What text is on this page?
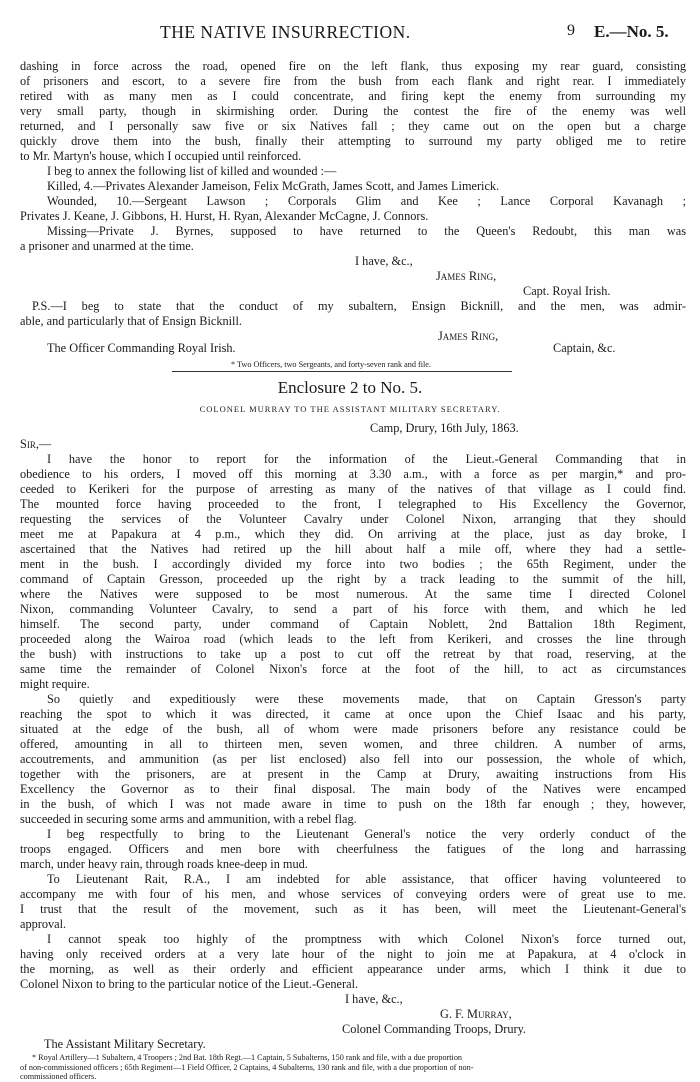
THE NATIVE INSURRECTION.	9 E.—No. 5.
dashing in force across the road, opened fire on the left flank, thus exposing my rear guard, consisting
of prisoners and escort, to a severe fire from the bush from each flank and right rear. I immediately
retired with as many men as I could concentrate, and firing kept the enemy from surrounding my
very small party, though in skirmishing order. During the contest the fire of the enemy was well
returned, and I personally saw five or six Natives fall ; they came out on the open but a charge
quickly drove them into the bush, finally their attempting to surround my party obliged me to retire
to Mr. Martyn's house, which I occupied until reinforced.
I beg to annex the following list of killed and wounded :—
Killed, 4.—Privates Alexander Jameison, Felix McGrath, James Scott, and James Limerick.
Wounded, 10.—Sergeant Lawson ; Corporals Glim and Kee ; Lance Corporal Kavanagh ;
Privates J. Keane, J. Gibbons, H. Hurst, H. Ryan, Alexander McCagne, J. Connors.
Missing—Private J. Byrnes, supposed to have returned to the Queen's Redoubt, this man was
a prisoner and unarmed at the time.
I have, &c.,
James Ring,
Capt. Royal Irish.
P.S.—I beg to state that the conduct of my subaltern, Ensign Bicknill, and the men, was admir-
able, and particularly that of Ensign Bicknill.
James Ring,
The Officer Commanding Royal Irish.	Captain, &c.
* Two Officers, two Sergeants, and forty-seven rank and file.
Enclosure 2 to No. 5.
COLONEL MURRAY TO THE ASSISTANT MILITARY SECRETARY.
Camp, Drury, 16th July, 1863.
Sir,—
I have the honor to report for the information of the Lieut.-General Commanding that in
obedience to his orders, I moved off this morning at 3.30 a.m., with a force as per margin,* and pro-
ceeded to Kerikeri for the purpose of arresting as many of the natives of that village as I could find.
The mounted force having proceeded to the front, I telegraphed to His Excellency the Governor,
requesting the services of the Volunteer Cavalry under Colonel Nixon, arranging that they should
meet me at Papakura at 4 p.m., which they did. On arriving at the place, just as day broke, I
ascertained that the Natives had retired up the hill about half a mile off, where they had a settle-
ment in the bush. I accordingly divided my force into two bodies ; the 65th Regiment, under the
command of Captain Gresson, proceeded up the right by a track leading to the summit of the hill,
where the Natives were supposed to be most numerous. At the same time I directed Colonel
Nixon, commanding Volunteer Cavalry, to send a part of his force with them, and which he led
himself. The second party, under command of Captain Noblett, 2nd Battalion 18th Regiment,
proceeded along the Wairoa road (which leads to the left from Kerikeri, and crosses the line through
the bush) with instructions to take up a post to cut off the retreat by that road, reserving, at the
same time the remainder of Colonel Nixon's force at the foot of the hill, to act as circumstances
might require.
So quietly and expeditiously were these movements made, that on Captain Gresson's party
reaching the spot to which it was directed, it came at once upon the Chief Isaac and his party,
situated at the edge of the bush, all of whom were made prisoners before any resistance could be
offered, amounting in all to thirteen men, seven women, and three children. A number of arms,
accoutrements, and ammunition (as per list enclosed) also fell into our possession, the whole of which,
together with the prisoners, are at present in the Camp at Drury, awaiting instructions from His
Excellency the Governor as to their final disposal. The main body of the Natives were encamped
in the bush, of which I was not made aware in time to push on the 18th far enough ; they, however,
succeeded in securing some arms and ammunition, with a rebel flag.
I beg respectfully to bring to the Lieutenant General's notice the very orderly conduct of the
troops engaged. Officers and men bore with cheerfulness the fatigues of the long and harrassing
march, under heavy rain, through roads knee-deep in mud.
To Lieutenant Rait, R.A., I am indebted for able assistance, that officer having volunteered to
accompany me with four of his men, and whose services of conveying orders were of great use to me.
I trust that the result of the movement, such as it has been, will meet the Lieutenant-General's
approval.
I cannot speak too highly of the promptness with which Colonel Nixon's force turned out,
having only received orders at a very late hour of the night to join me at Papakura, at 4 o'clock in
the morning, as well as their orderly and efficient appearance under arms, which I think it due to
Colonel Nixon to bring to the particular notice of the Lieut.-General.
I have, &c.,
G. F. Murray,
Colonel Commanding Troops, Drury.
The Assistant Military Secretary.
* Royal Artillery—1 Subaltern, 4 Troopers ; 2nd Bat. 18th Regt.—1 Captain, 5 Subalterns, 150 rank and file, with a due proportion
of non-commissioned officers ; 65th Regiment—1 Field Officer, 2 Captains, 4 Subalterns, 130 rank and file, with a due proportion of non-
commissioned officers.
